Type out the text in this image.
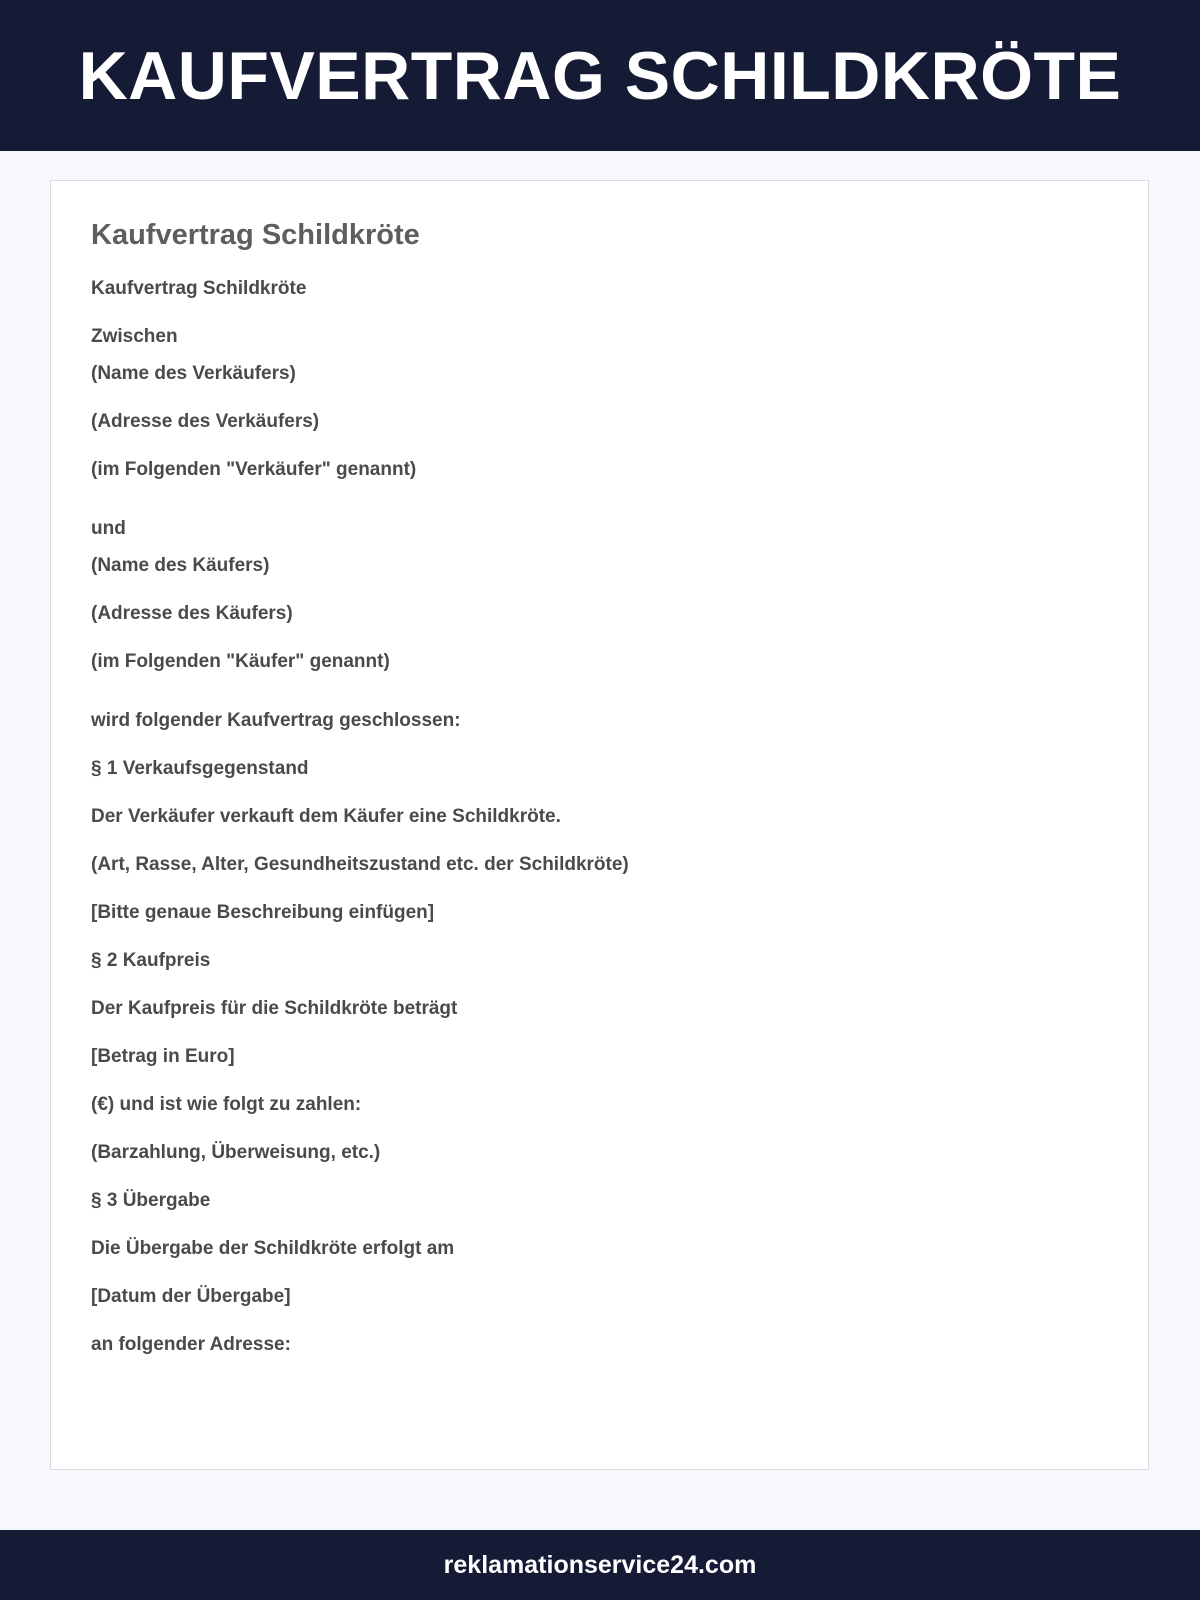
KAUFVERTRAG SCHILDKRÖTE
Kaufvertrag Schildkröte

Kaufvertrag Schildkröte

Zwischen

(Name des Verkäufers)

(Adresse des Verkäufers)

(im Folgenden "Verkäufer" genannt)

und

(Name des Käufers)

(Adresse des Käufers)

(im Folgenden "Käufer" genannt)

wird folgender Kaufvertrag geschlossen:

§ 1 Verkaufsgegenstand

Der Verkäufer verkauft dem Käufer eine Schildkröte.

(Art, Rasse, Alter, Gesundheitszustand etc. der Schildkröte)

[Bitte genaue Beschreibung einfügen]

§ 2 Kaufpreis

Der Kaufpreis für die Schildkröte beträgt

[Betrag in Euro]

(€) und ist wie folgt zu zahlen:

(Barzahlung, Überweisung, etc.)

§ 3 Übergabe

Die Übergabe der Schildkröte erfolgt am

[Datum der Übergabe]

an folgender Adresse:

reklamationservice24.com
